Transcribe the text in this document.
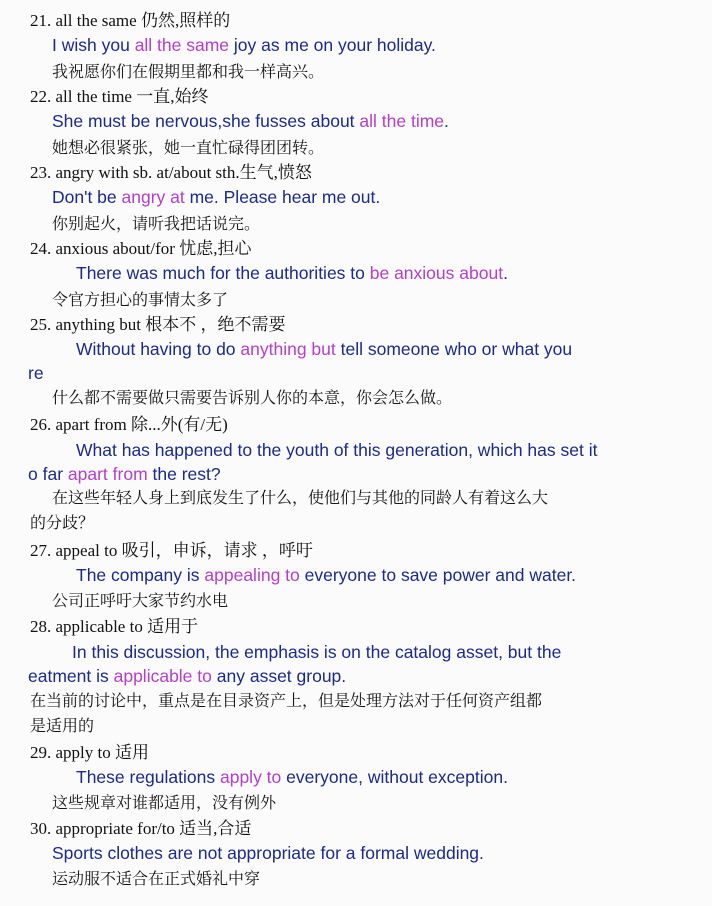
21. all the same 仍然,照样的
I wish you all the same joy as me on your holiday.
我祝愿你们在假期里都和我一样高兴。
22. all the time 一直,始终
She must be nervous,she fusses about all the time.
她想必很紧张，她一直忙碌得团团转。
23. angry with sb. at/about sth.生气,愤怒
Don't be angry at me. Please hear me out.
你别起火，请听我把话说完。
24. anxious about/for 忧虑,担心
There was much for the authorities to be anxious about.
令官方担心的事情太多了
25. anything but 根本不 ，绝不需要
Without having to do anything but tell someone who or what you
re
什么都不需要做只需要告诉别人你的本意，你会怎么做。
26. apart from 除...外(有/无)
What has happened to the youth of this generation, which has set it
o far apart from the rest?
在这些年轻人身上到底发生了什么，使他们与其他的同龄人有着这么大
的分歧？
27. appeal to 吸引，申诉，请求 ，呼吁
The company is appealing to everyone to save power and water.
公司正呼吁大家节约水电
28. applicable to 适用于
In this discussion, the emphasis is on the catalog asset, but the
eatment is applicable to any asset group.
在当前的讨论中，重点是在目录资产上，但是处理方法对于任何资产组都
是适用的
29. apply to 适用
These regulations apply to everyone, without exception.
这些规章对谁都适用，没有例外
30. appropriate for/to 适当,合适
Sports clothes are not appropriate for a formal wedding.
运动服不适合在正式婚礼中穿
